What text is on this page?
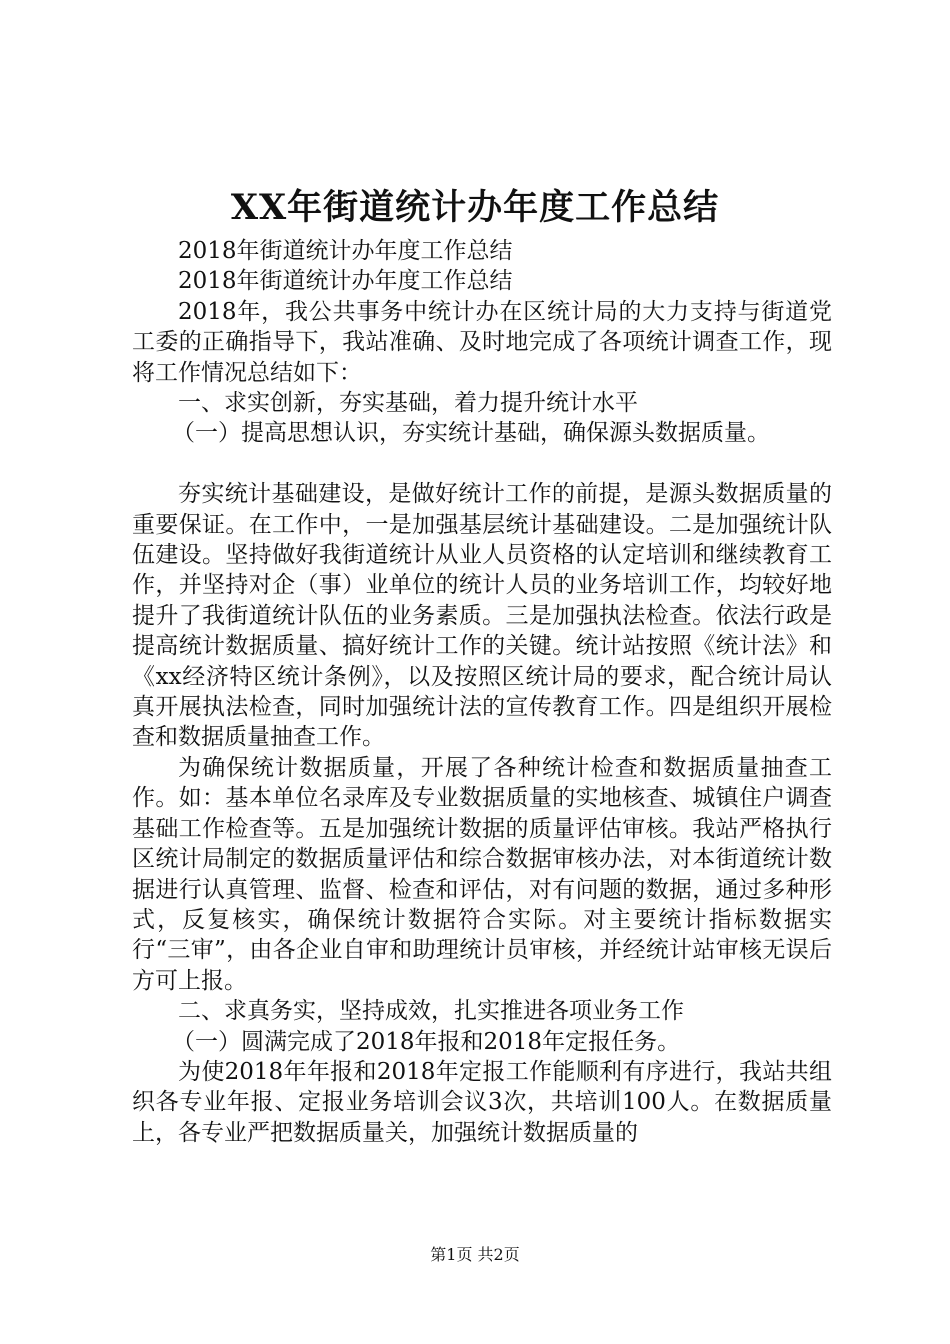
XX年街道统计办年度工作总结

2018年街道统计办年度工作总结

2018年街道统计办年度工作总结

2018年，我公共事务中统计办在区统计局的大力支持与街道党工委的正确指导下，我站准确、及时地完成了各项统计调查工作，现将工作情况总结如下：

一、求实创新，夯实基础，着力提升统计水平

（一）提高思想认识，夯实统计基础，确保源头数据质量。

夯实统计基础建设，是做好统计工作的前提，是源头数据质量的重要保证。在工作中，一是加强基层统计基础建设。二是加强统计队伍建设。坚持做好我街道统计从业人员资格的认定培训和继续教育工作，并坚持对企（事）业单位的统计人员的业务培训工作，均较好地提升了我街道统计队伍的业务素质。三是加强执法检查。依法行政是提高统计数据质量、搞好统计工作的关键。统计站按照《统计法》和《xx经济特区统计条例》，以及按照区统计局的要求，配合统计局认真开展执法检查，同时加强统计法的宣传教育工作。四是组织开展检查和数据质量抽查工作。

为确保统计数据质量，开展了各种统计检查和数据质量抽查工作。如：基本单位名录库及专业数据质量的实地核查、城镇住户调查基础工作检查等。五是加强统计数据的质量评估审核。我站严格执行区统计局制定的数据质量评估和综合数据审核办法，对本街道统计数据进行认真管理、监督、检查和评估，对有问题的数据，通过多种形式，反复核实，确保统计数据符合实际。对主要统计指标数据实行“三审”，由各企业自审和助理统计员审核，并经统计站审核无误后方可上报。

二、求真务实，坚持成效，扎实推进各项业务工作

（一）圆满完成了2018年报和2018年定报任务。

为使2018年年报和2018年定报工作能顺利有序进行，我站共组织各专业年报、定报业务培训会议3次，共培训100人。在数据质量上，各专业严把数据质量关，加强统计数据质量的

第1页 共2页
